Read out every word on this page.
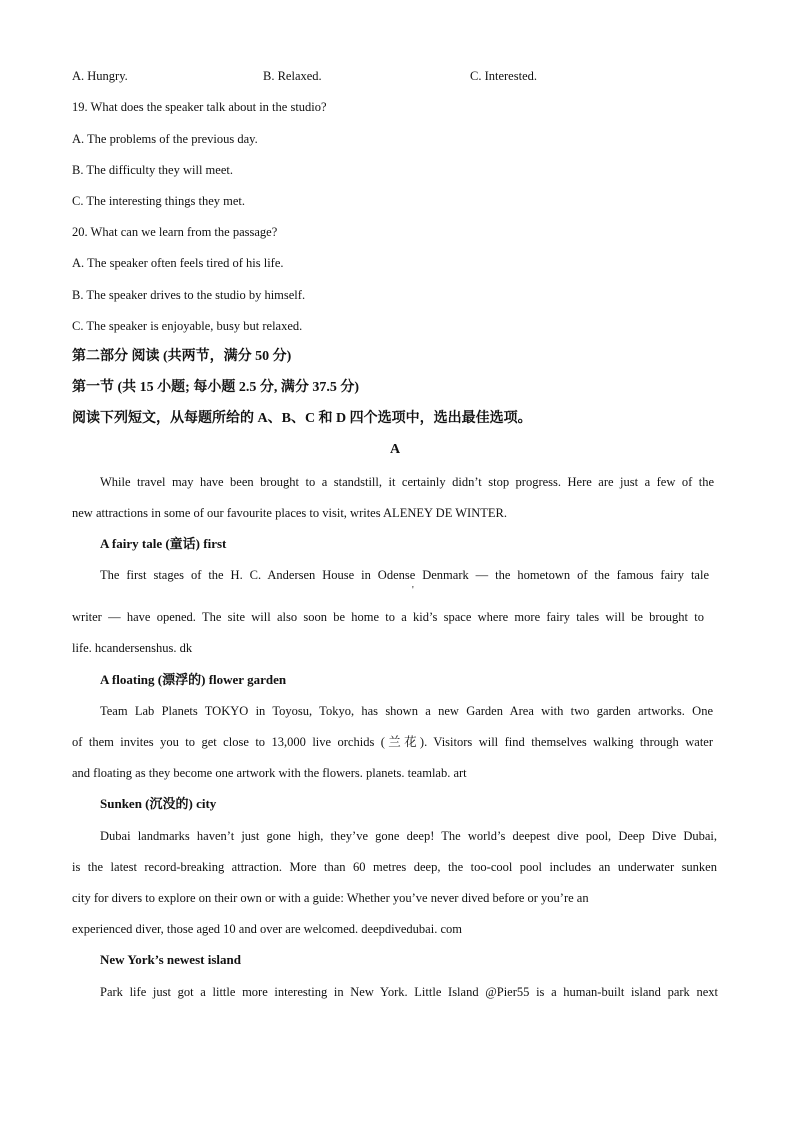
A. Hungry.	B. Relaxed.	C. Interested.
19. What does the speaker talk about in the studio?
A. The problems of the previous day.
B. The difficulty they will meet.
C. The interesting things they met.
20. What can we learn from the passage?
A. The speaker often feels tired of his life.
B. The speaker drives to the studio by himself.
C. The speaker is enjoyable, busy but relaxed.
第二部分 阅读 (共两节，满分 50 分)
第一节 (共 15 小题; 每小题 2.5 分, 满分 37.5 分)
阅读下列短文，从每题所给的 A、B、C 和 D 四个选项中，选出最佳选项。
A
While travel may have been brought to a standstill, it certainly didn’t stop progress. Here are just a few of the
new attractions in some of our favourite places to visit, writes ALENEY DE WINTER.
A fairy tale (童话) first
The first stages of the H. C. Andersen House in Odense Denmark — the hometown of the famous fairy tale
'
writer — have opened. The site will also soon be home to a kid’s space where more fairy tales will be brought to
life. hcandersenshus. dk
A floating (漂浮的) flower garden
Team Lab Planets TOKYO in Toyosu, Tokyo, has shown a new Garden Area with two garden artworks. One
of them invites you to get close to 13,000 live orchids (兰花). Visitors will find themselves walking through water
and floating as they become one artwork with the flowers. planets. teamlab. art
Sunken (沉没的) city
Dubai landmarks haven’t just gone high, they’ve gone deep! The world’s deepest dive pool, Deep Dive Dubai,
is the latest record-breaking attraction. More than 60 metres deep, the too-cool pool includes an underwater sunken
city for divers to explore on their own or with a guide: Whether you’ve never dived before or you’re an
experienced diver, those aged 10 and over are welcomed. deepdivedubai. com
New York’s newest island
Park life just got a little more interesting in New York. Little Island @Pier55 is a human-built island park next
